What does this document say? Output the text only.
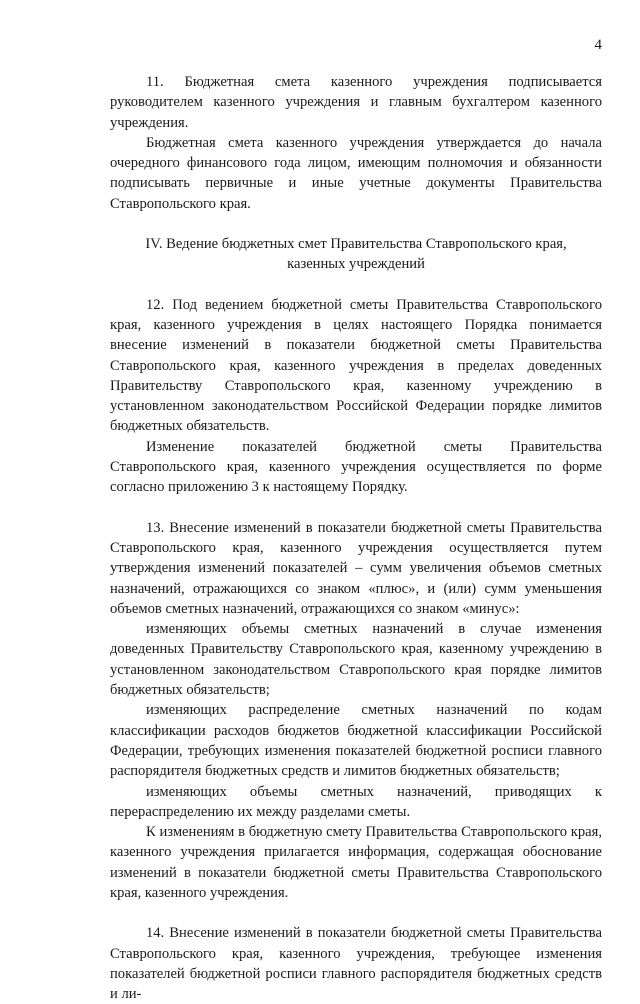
4

11. Бюджетная смета казенного учреждения подписывается руководителем казенного учреждения и главным бухгалтером казенного учреждения.

Бюджетная смета казенного учреждения утверждается до начала очередного финансового года лицом, имеющим полномочия и обязанности подписывать первичные и иные учетные документы Правительства Ставропольского края.

IV. Ведение бюджетных смет Правительства Ставропольского края,

казенных учреждений

12. Под ведением бюджетной сметы Правительства Ставропольского края, казенного учреждения в целях настоящего Порядка понимается внесение изменений в показатели бюджетной сметы Правительства Ставропольского края, казенного учреждения в пределах доведенных Правительству Ставропольского края, казенному учреждению в установленном законодательством Российской Федерации порядке лимитов бюджетных обязательств.

Изменение показателей бюджетной сметы Правительства Ставропольского края, казенного учреждения осуществляется по форме согласно приложению 3 к настоящему Порядку.

13. Внесение изменений в показатели бюджетной сметы Правительства Ставропольского края, казенного учреждения осуществляется путем утверждения изменений показателей – сумм увеличения объемов сметных назначений, отражающихся со знаком «плюс», и (или) сумм уменьшения объемов сметных назначений, отражающихся со знаком «минус»:

изменяющих объемы сметных назначений в случае изменения доведенных Правительству Ставропольского края, казенному учреждению в установленном законодательством Ставропольского края порядке лимитов бюджетных обязательств;

изменяющих распределение сметных назначений по кодам классификации расходов бюджетов бюджетной классификации Российской Федерации, требующих изменения показателей бюджетной росписи главного распорядителя бюджетных средств и лимитов бюджетных обязательств;

изменяющих объемы сметных назначений, приводящих к перераспределению их между разделами сметы.

К изменениям в бюджетную смету Правительства Ставропольского края, казенного учреждения прилагается информация, содержащая обоснование изменений в показатели бюджетной сметы Правительства Ставропольского края, казенного учреждения.

14. Внесение изменений в показатели бюджетной сметы Правительства Ставропольского края, казенного учреждения, требующее изменения показателей бюджетной росписи главного распорядителя бюджетных средств и ли-
